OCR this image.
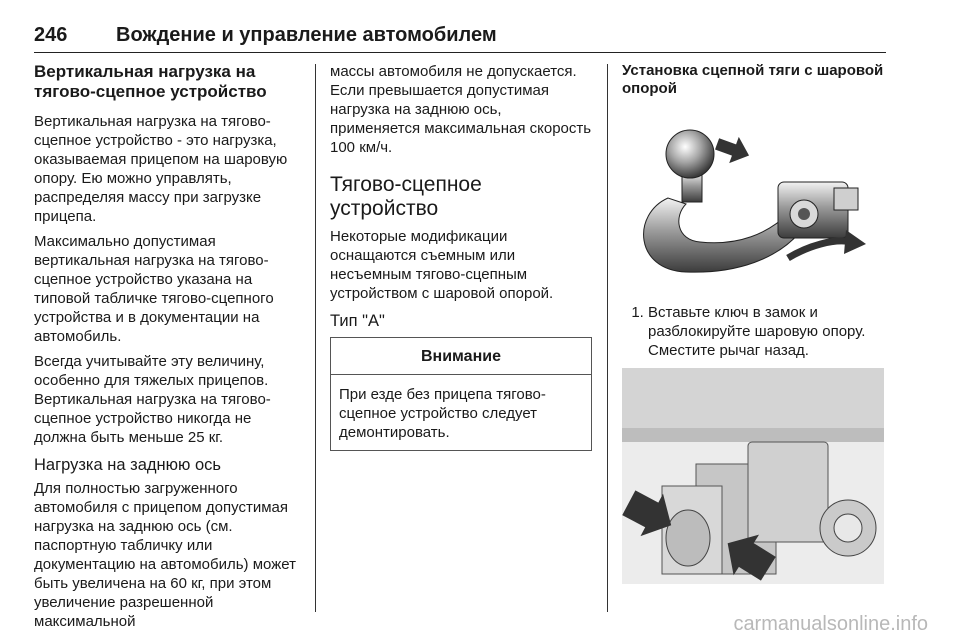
246 Вождение и управление автомобилем
Вертикальная нагрузка на тягово-сцепное устройство

Вертикальная нагрузка на тягово-сцепное устройство - это нагрузка, оказываемая прицепом на шаровую опору. Ею можно управлять, распределяя массу при загрузке прицепа.

Максимально допустимая вертикальная нагрузка на тягово-сцепное устройство указана на типовой табличке тягово-сцепного устройства и в документации на автомобиль.

Всегда учитывайте эту величину, особенно для тяжелых прицепов. Вертикальная нагрузка на тягово-сцепное устройство никогда не должна быть меньше 25 кг.

Нагрузка на заднюю ось

Для полностью загруженного автомобиля с прицепом допустимая нагрузка на заднюю ось (см. паспортную табличку или документацию на автомобиль) может быть увеличена на 60 кг, при этом увеличение разрешенной максимальной

массы автомобиля не допускается. Если превышается допустимая нагрузка на заднюю ось, применяется максимальная скорость 100 км/ч.

Тягово-сцепное устройство

Некоторые модификации оснащаются съемным или несъемным тягово-сцепным устройством с шаровой опорой.

Тип "A"
Внимание
При езде без прицепа тягово-сцепное устройство следует демонтировать.
Установка сцепной тяги с шаровой опорой
1. Вставьте ключ в замок и разблокируйте шаровую опору. Сместите рычаг назад.
carmanualsonline.info
